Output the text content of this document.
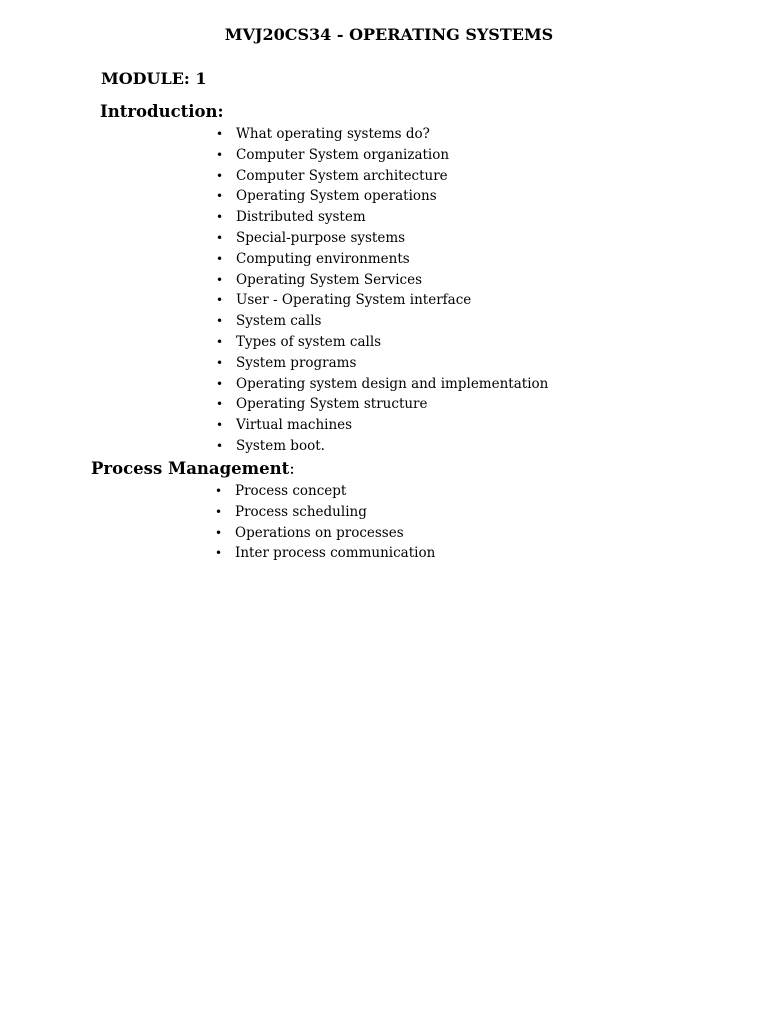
MVJ20CS34 - OPERATING SYSTEMS
MODULE: 1
Introduction:
• What operating systems do?
• Computer System organization
• Computer System architecture
• Operating System operations
• Distributed system
• Special-purpose systems
• Computing environments
• Operating System Services
• User - Operating System interface
• System calls
• Types of system calls
• System programs
• Operating system design and implementation
• Operating System structure
• Virtual machines
• System boot.
Process Management:
• Process concept
• Process scheduling
• Operations on processes
• Inter process communication
